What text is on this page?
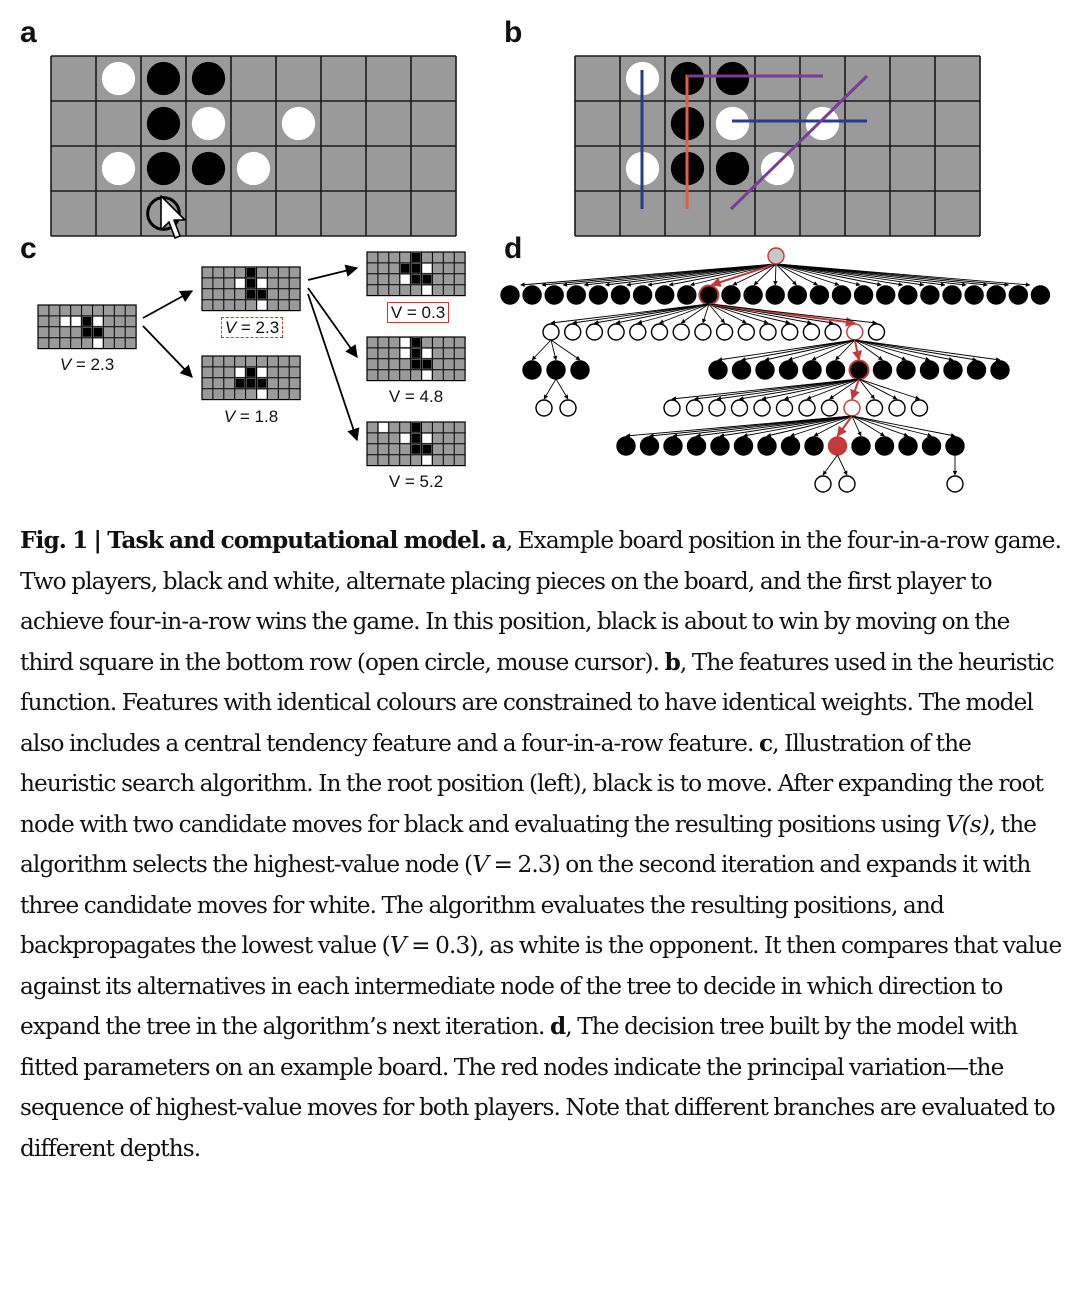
a	b
c	d
V = 2.3
V = 2.3
V = 1.8
V = 0.3
V = 4.8
V = 5.2
Fig. 1 | Task and computational model. a, Example board position in the four-in-a-row game. Two players, black and white, alternate placing pieces on the board, and the first player to achieve four-in-a-row wins the game. In this position, black is about to win by moving on the third square in the bottom row (open circle, mouse cursor). b, The features used in the heuristic function. Features with identical colours are constrained to have identical weights. The model also includes a central tendency feature and a four-in-a-row feature. c, Illustration of the heuristic search algorithm. In the root position (left), black is to move. After expanding the root node with two candidate moves for black and evaluating the resulting positions using V(s), the algorithm selects the highest-value node (V = 2.3) on the second iteration and expands it with three candidate moves for white. The algorithm evaluates the resulting positions, and backpropagates the lowest value (V = 0.3), as white is the opponent. It then compares that value against its alternatives in each intermediate node of the tree to decide in which direction to expand the tree in the algorithm’s next iteration. d, The decision tree built by the model with fitted parameters on an example board. The red nodes indicate the principal variation—the sequence of highest-value moves for both players. Note that different branches are evaluated to different depths.
